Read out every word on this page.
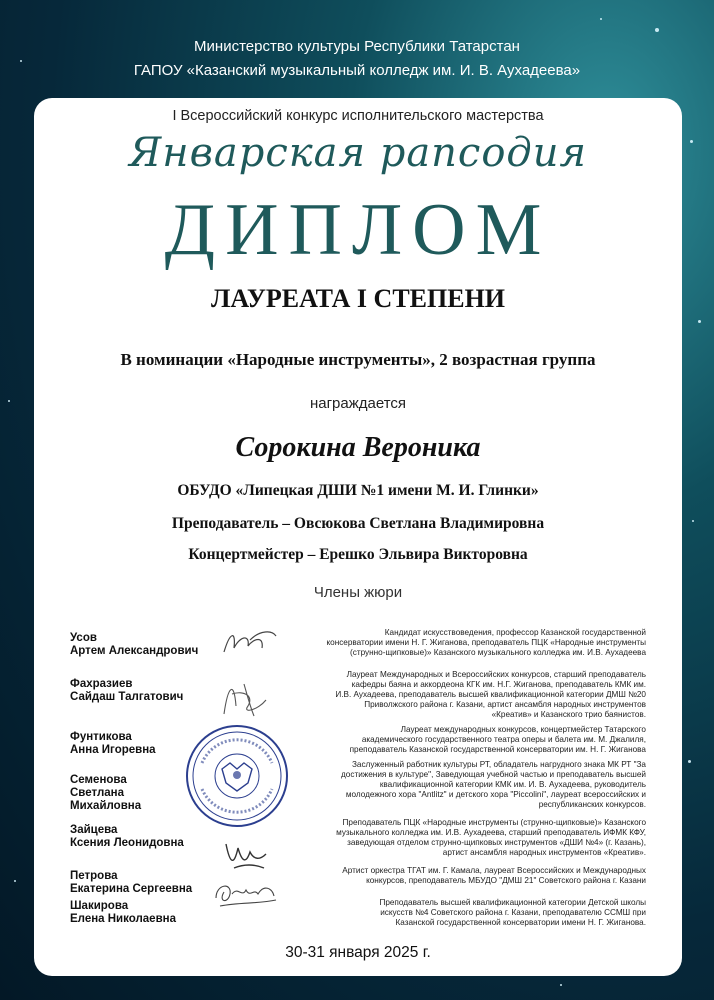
Министерство культуры Республики Татарстан
ГАПОУ «Казанский музыкальный колледж им. И. В. Аухадеева»
I Всероссийский конкурс исполнительского мастерства
Январская рапсодия
ДИПЛОМ
ЛАУРЕАТА I СТЕПЕНИ
В номинации «Народные инструменты», 2 возрастная группа
награждается
Сорокина Вероника
ОБУДО «Липецкая ДШИ №1 имени М. И. Глинки»
Преподаватель – Овсюкова Светлана Владимировна
Концертмейстер – Ерешко Эльвира Викторовна
Члены жюри
Усов
Артем Александрович
Кандидат искусствоведения, профессор Казанской государственной
консерватории имени Н. Г. Жиганова, преподаватель ПЦК «Народные инструменты
(струнно-щипковые)» Казанского музыкального колледжа им. И.В. Аухадеева
Фахразиев
Сайдаш Талгатович
Лауреат Международных и Всероссийских конкурсов, старший преподаватель
кафедры баяна и аккордеона КГК им. Н.Г. Жиганова, преподаватель КМК им.
И.В. Аухадеева, преподаватель высшей квалификационной категории ДМШ №20
Приволжского района г. Казани, артист ансамбля народных инструментов
«Креатив» и Казанского трио баянистов.
Фунтикова
Анна Игоревна
Лауреат международных конкурсов, концертмейстер Татарского
академического государственного театра оперы и балета им. М. Джалиля,
преподаватель Казанской государственной консерватории им. Н. Г. Жиганова
Семенова
Светлана
Михайловна
Заслуженный работник культуры РТ, обладатель нагрудного знака МК РТ "За
достижения в культуре", Заведующая учебной частью и преподаватель высшей
квалификационной категории КМК им. И. В. Аухадеева, руководитель
молодежного хора "Antlitz" и детского хора "Piccolini", лауреат всероссийских и
республиканских конкурсов.
Зайцева
Ксения Леонидовна
Преподаватель ПЦК «Народные инструменты (струнно-щипковые)» Казанского
музыкального колледжа им. И.В. Аухадеева, старший преподаватель ИФМК КФУ,
заведующая отделом струнно-щипковых инструментов «ДШИ №4» (г. Казань),
артист ансамбля народных инструментов «Креатив».
Петрова
Екатерина Сергеевна
Артист оркестра ТГАТ им. Г. Камала, лауреат Всероссийских и Международных
конкурсов, преподаватель МБУДО "ДМШ 21" Советского района г. Казани
Шакирова
Елена Николаевна
Преподаватель высшей квалификационной категории Детской школы
искусств №4 Советского района г. Казани, преподавателю ССМШ при
Казанской государственной консерватории имени Н. Г. Жиганова.
30-31 января 2025 г.
